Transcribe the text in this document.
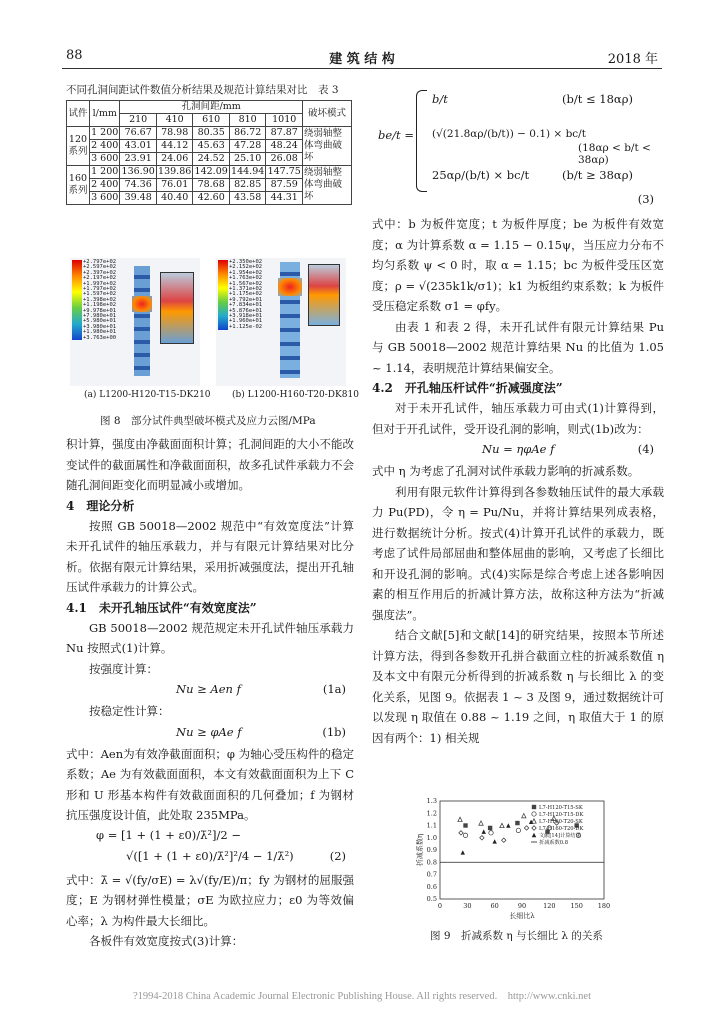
88	建 筑 结 构	2018 年
不同孔洞间距试件数值分析结果及规范计算结果对比　表 3
试件	l/mm	孔洞间距/mm					破坏模式
		210	410	610	810	1010	
120系列	1 200	76.67	78.98	80.35	86.72	87.87	绕弱轴整体弯曲破坏
	2 400	43.01	44.12	45.63	47.28	48.24	
	3 600	23.91	24.06	24.52	25.10	26.08	
160系列	1 200	136.90	139.86	142.09	144.94	147.75	绕弱轴整体弯曲破坏
	2 400	74.36	76.01	78.68	82.85	87.59	
	3 600	39.48	40.40	42.60	43.58	44.31	
+2.797e+02
+2.597e+02
+2.397e+02
+2.197e+02
+1.997e+02
+1.797e+02
+1.597e+02
+1.398e+02
+1.198e+02
+9.978e+01
+7.980e+01
+5.980e+01
+3.980e+01
+1.980e+01
+3.763e+00
+2.350e+02
+2.152e+02
+1.954e+02
+1.763e+02
+1.567e+02
+1.371e+02
+1.175e+02
+9.792e+01
+7.834e+01
+5.876e+01
+3.918e+01
+1.960e+01
+1.125e-02
(a) L1200-H120-T15-DK210 (b) L1200-H160-T20-DK810
图 8　部分试件典型破坏模式及应力云图/MPa

积计算，强度由净截面面积计算；孔洞间距的大小不能改变试件的截面属性和净截面面积，故多孔试件承载力不会随孔洞间距变化而明显减小或增加。

4　理论分析

按照 GB 50018—2002 规范中“有效宽度法”计算未开孔试件的轴压承载力，并与有限元计算结果对比分析。依据有限元计算结果，采用折减强度法，提出开孔轴压试件承载力的计算公式。

4.1　未开孔轴压试件“有效宽度法”

GB 50018—2002 规范规定未开孔试件轴压承载力 Nu 按照式(1)计算。

按强度计算：

Nu ≥ Aen f	(1a)

按稳定性计算：

Nu ≥ φAe f	(1b)

式中：Aen为有效净截面面积；φ 为轴心受压构件的稳定系数；Ae 为有效截面面积，本文有效截面面积为上下 C 形和 U 形基本构件有效截面面积的几何叠加；f 为钢材抗压强度设计值，此处取 235MPa。

φ = [1 + (1 + ε0)/λ̄²]/2 −
√([1 + (1 + ε0)/λ̄²]²/4 − 1/λ̄²)	(2)

式中：λ̄ = √(fy/σE) = λ√(fy/E)/π；fy 为钢材的屈服强度；E 为钢材弹性模量；σE 为欧拉应力；ε0 为等效偏心率；λ 为构件最大长细比。

各板件有效宽度按式(3)计算：

be/t =
b/t	(b/t ≤ 18αρ)
(√(21.8αρ/(b/t)) − 0.1) × bc/t
(18αρ < b/t < 38αρ)
25αρ/(b/t) × bc/t	(b/t ≥ 38αρ)
(3)

式中：b 为板件宽度；t 为板件厚度；be 为板件有效宽度；α 为计算系数 α = 1.15 − 0.15ψ，当压应力分布不均匀系数 ψ < 0 时，取 α = 1.15；bc 为板件受压区宽度；ρ = √(235k1k/σ1)；k1 为板组约束系数；k 为板件受压稳定系数 σ1 = φfy。

由表 1 和表 2 得，未开孔试件有限元计算结果 Pu 与 GB 50018—2002 规范计算结果 Nu 的比值为 1.05 ~ 1.14，表明规范计算结果偏安全。

4.2　开孔轴压杆试件“折减强度法”

对于未开孔试件，轴压承载力可由式(1)计算得到，但对于开孔试件，受开设孔洞的影响，则式(1b)改为：

Nu = ηφAe f	(4)

式中 η 为考虑了孔洞对试件承载力影响的折减系数。

利用有限元软件计算得到各参数轴压试件的最大承载力 Pu(PD)，令 η = Pu/Nu，并将计算结果列成表格，进行数据统计分析。按式(4)计算开孔试件的承载力，既考虑了试件局部屈曲和整体屈曲的影响，又考虑了长细比和开设孔洞的影响。式(4)实际是综合考虑上述各影响因素的相互作用后的折减计算方法，故称这种方法为“折减强度法”。

结合文献[5]和文献[14]的研究结果，按照本节所述计算方法，得到各参数开孔拼合截面立柱的折减系数值 η 及本文中有限元分析得到的折减系数 η 与长细比 λ 的变化关系，见图 9。依据表 1 ~ 3 及图 9，通过数据统计可以发现 η 取值在 0.88 ~ 1.19 之间，η 取值大于 1 的原因有两个：1) 相关规

0	30	60	90	120 150 180
0.5
0.6
0.7
0.8
0.9
1.0
1.1
1.2
1.3
长细比λ
折减系数η
L7-H120-T15-SK
L7-H120-T15-DK
L7-H160-T20-SK
L7-H160-T20-DK
文献[14]计算结果
折减系数0.8
图 9　折减系数 η 与长细比 λ 的关系
?1994-2018 China Academic Journal Electronic Publishing House. All rights reserved.　http://www.cnki.net
